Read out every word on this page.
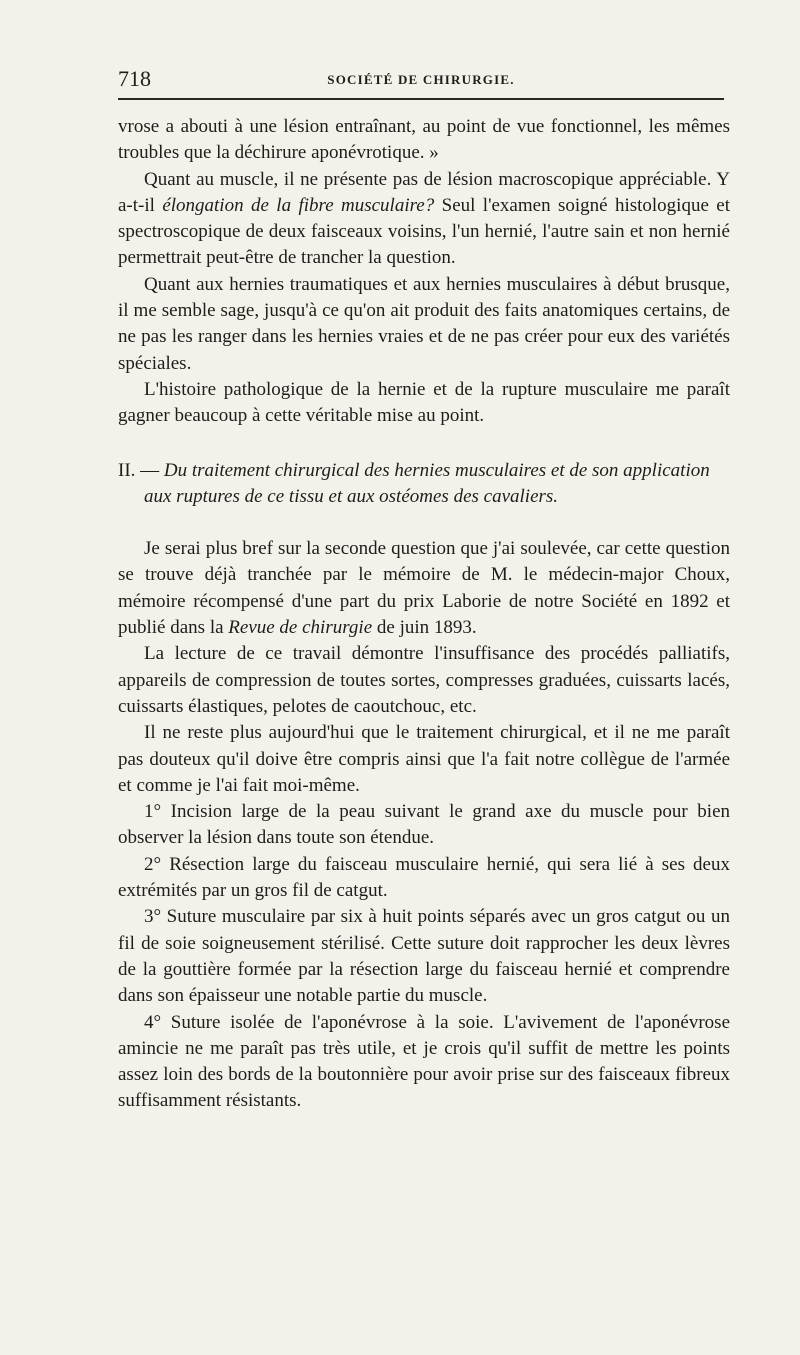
718	SOCIÉTÉ DE CHIRURGIE.

vrose a abouti à une lésion entraînant, au point de vue fonctionnel, les mêmes troubles que la déchirure aponévrotique. »

Quant au muscle, il ne présente pas de lésion macroscopique appréciable. Y a-t-il élongation de la fibre musculaire? Seul l'examen soigné histologique et spectroscopique de deux faisceaux voisins, l'un hernié, l'autre sain et non hernié permettrait peut-être de trancher la question.

Quant aux hernies traumatiques et aux hernies musculaires à début brusque, il me semble sage, jusqu'à ce qu'on ait produit des faits anatomiques certains, de ne pas les ranger dans les hernies vraies et de ne pas créer pour eux des variétés spéciales.

L'histoire pathologique de la hernie et de la rupture musculaire me paraît gagner beaucoup à cette véritable mise au point.

II. — Du traitement chirurgical des hernies musculaires et de son application aux ruptures de ce tissu et aux ostéomes des cavaliers.

Je serai plus bref sur la seconde question que j'ai soulevée, car cette question se trouve déjà tranchée par le mémoire de M. le médecin-major Choux, mémoire récompensé d'une part du prix Laborie de notre Société en 1892 et publié dans la Revue de chirurgie de juin 1893.

La lecture de ce travail démontre l'insuffisance des procédés palliatifs, appareils de compression de toutes sortes, compresses graduées, cuissarts lacés, cuissarts élastiques, pelotes de caoutchouc, etc.

Il ne reste plus aujourd'hui que le traitement chirurgical, et il ne me paraît pas douteux qu'il doive être compris ainsi que l'a fait notre collègue de l'armée et comme je l'ai fait moi-même.

1° Incision large de la peau suivant le grand axe du muscle pour bien observer la lésion dans toute son étendue.

2° Résection large du faisceau musculaire hernié, qui sera lié à ses deux extrémités par un gros fil de catgut.

3° Suture musculaire par six à huit points séparés avec un gros catgut ou un fil de soie soigneusement stérilisé. Cette suture doit rapprocher les deux lèvres de la gouttière formée par la résection large du faisceau hernié et comprendre dans son épaisseur une notable partie du muscle.

4° Suture isolée de l'aponévrose à la soie. L'avivement de l'aponévrose amincie ne me paraît pas très utile, et je crois qu'il suffit de mettre les points assez loin des bords de la boutonnière pour avoir prise sur des faisceaux fibreux suffisamment résistants.
